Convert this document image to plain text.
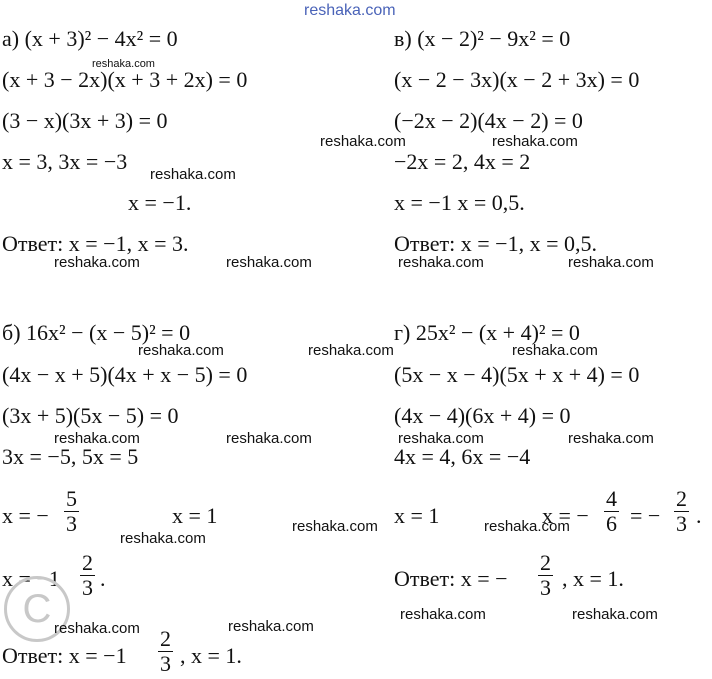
reshaka.com
а) (x + 3)² − 4x² = 0
(x + 3 − 2x)(x + 3 + 2x) = 0
(3 − x)(3x + 3) = 0
x = 3, 3x = −3
x = −1.
Ответ: x = −1, x = 3.
в) (x − 2)² − 9x² = 0
(x − 2 − 3x)(x − 2 + 3x) = 0
(−2x − 2)(4x − 2) = 0
−2x = 2, 4x = 2
x = −1 x = 0,5.
Ответ: x = −1, x = 0,5.
б) 16x² − (x − 5)² = 0
(4x − x + 5)(4x + x − 5) = 0
(3x + 5)(5x − 5) = 0
3x = −5, 5x = 5
x = −
5
3	x = 1
x = −1
2
3 .
Ответ: x = −1
2
3 , x = 1.
г) 25x² − (x + 4)² = 0
(5x − x − 4)(5x + x + 4) = 0
(4x − 4)(6x + 4) = 0
4x = 4, 6x = −4
x = 1	x = −
4
6 = −
2
3 .
Ответ: x = −
2
3 , x = 1.
C
reshaka.com
reshaka.com	reshaka.com
reshaka.com
reshaka.com	reshaka.com	reshaka.com	reshaka.com
reshaka.com	reshaka.com	reshaka.com
reshaka.com	reshaka.com	reshaka.com	reshaka.com
reshaka.com	reshaka.com
reshaka.com
reshaka.com	reshaka.com
reshaka.com	reshaka.com
